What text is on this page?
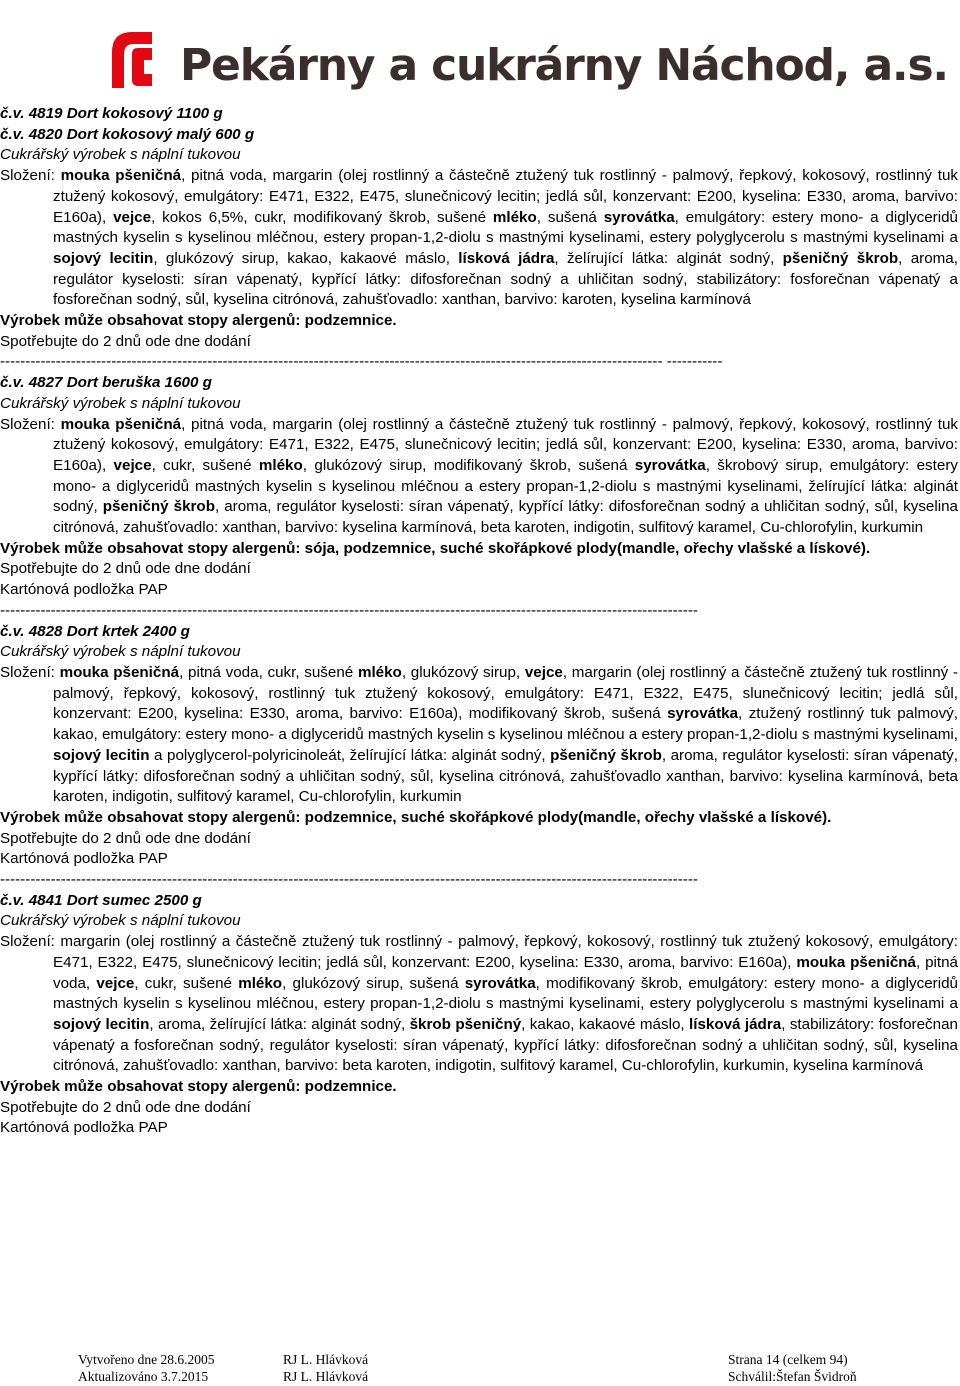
Pekárny a cukrárny Náchod, a.s.
č.v. 4819 Dort kokosový 1100 g
č.v. 4820 Dort kokosový malý 600 g
Cukrářský výrobek s náplní tukovou
Složení: mouka pšeničná, pitná voda, margarin (olej rostlinný a částečně ztužený tuk rostlinný - palmový, řepkový, kokosový, rostlinný tuk ztužený kokosový, emulgátory: E471, E322, E475, slunečnicový lecitin; jedlá sůl, konzervant: E200, kyselina: E330, aroma, barvivo: E160a), vejce, kokos 6,5%, cukr, modifikovaný škrob, sušené mléko, sušená syrovátka, emulgátory: estery mono- a diglyceridů mastných kyselin s kyselinou mléčnou, estery propan-1,2-diolu s mastnými kyselinami, estery polyglycerolu s mastnými kyselinami a sojový lecitin, glukózový sirup, kakao, kakaové máslo, lísková jádra, želírující látka: alginát sodný, pšeničný škrob, aroma, regulátor kyselosti: síran vápenatý, kypřící látky: difosforečnan sodný a uhličitan sodný, stabilizátory: fosforečnan vápenatý a fosforečnan sodný, sůl, kyselina citrónová, zahušťovadlo: xanthan, barvivo: karoten, kyselina karmínová
Výrobek může obsahovat stopy alergenů: podzemnice.
Spotřebujte do 2 dnů ode dne dodání
----------------------------------------------------------------------------------------------------------------------------------- -----------
č.v. 4827 Dort beruška 1600 g
Cukrářský výrobek s náplní tukovou
Složení: mouka pšeničná, pitná voda, margarin (olej rostlinný a částečně ztužený tuk rostlinný - palmový, řepkový, kokosový, rostlinný tuk ztužený kokosový, emulgátory: E471, E322, E475, slunečnicový lecitin; jedlá sůl, konzervant: E200, kyselina: E330, aroma, barvivo: E160a), vejce, cukr, sušené mléko, glukózový sirup, modifikovaný škrob, sušená syrovátka, škrobový sirup, emulgátory: estery mono- a diglyceridů mastných kyselin s kyselinou mléčnou a estery propan-1,2-diolu s mastnými kyselinami, želírující látka: alginát sodný, pšeničný škrob, aroma, regulátor kyselosti: síran vápenatý, kypřící látky: difosforečnan sodný a uhličitan sodný, sůl, kyselina citrónová, zahušťovadlo: xanthan, barvivo: kyselina karmínová, beta karoten, indigotin, sulfitový karamel, Cu-chlorofylin, kurkumin
Výrobek může obsahovat stopy alergenů: sója, podzemnice, suché skořápkové plody(mandle, ořechy vlašské a lískové).
Spotřebujte do 2 dnů ode dne dodání
Kartónová podložka PAP
------------------------------------------------------------------------------------------------------------------------------------------
č.v. 4828 Dort krtek 2400 g
Cukrářský výrobek s náplní tukovou
Složení: mouka pšeničná, pitná voda, cukr, sušené mléko, glukózový sirup, vejce, margarin (olej rostlinný a částečně ztužený tuk rostlinný - palmový, řepkový, kokosový, rostlinný tuk ztužený kokosový, emulgátory: E471, E322, E475, slunečnicový lecitin; jedlá sůl, konzervant: E200, kyselina: E330, aroma, barvivo: E160a), modifikovaný škrob, sušená syrovátka, ztužený rostlinný tuk palmový, kakao, emulgátory: estery mono- a diglyceridů mastných kyselin s kyselinou mléčnou a estery propan-1,2-diolu s mastnými kyselinami, sojový lecitin a polyglycerol-polyricinoleát, želírující látka: alginát sodný, pšeničný škrob, aroma, regulátor kyselosti: síran vápenatý, kypřící látky: difosforečnan sodný a uhličitan sodný, sůl, kyselina citrónová, zahušťovadlo xanthan, barvivo: kyselina karmínová, beta karoten, indigotin, sulfitový karamel, Cu-chlorofylin, kurkumin
Výrobek může obsahovat stopy alergenů: podzemnice, suché skořápkové plody(mandle, ořechy vlašské a lískové).
Spotřebujte do 2 dnů ode dne dodání
Kartónová podložka PAP
------------------------------------------------------------------------------------------------------------------------------------------
č.v. 4841 Dort sumec 2500 g
Cukrářský výrobek s náplní tukovou
Složení: margarin (olej rostlinný a částečně ztužený tuk rostlinný - palmový, řepkový, kokosový, rostlinný tuk ztužený kokosový, emulgátory: E471, E322, E475, slunečnicový lecitin; jedlá sůl, konzervant: E200, kyselina: E330, aroma, barvivo: E160a), mouka pšeničná, pitná voda, vejce, cukr, sušené mléko, glukózový sirup, sušená syrovátka, modifikovaný škrob, emulgátory: estery mono- a diglyceridů mastných kyselin s kyselinou mléčnou, estery propan-1,2-diolu s mastnými kyselinami, estery polyglycerolu s mastnými kyselinami a sojový lecitin, aroma, želírující látka: alginát sodný, škrob pšeničný, kakao, kakaové máslo, lísková jádra, stabilizátory: fosforečnan vápenatý a fosforečnan sodný, regulátor kyselosti: síran vápenatý, kypřící látky: difosforečnan sodný a uhličitan sodný, sůl, kyselina citrónová, zahušťovadlo: xanthan, barvivo: beta karoten, indigotin, sulfitový karamel, Cu-chlorofylin, kurkumin, kyselina karmínová
Výrobek může obsahovat stopy alergenů: podzemnice.
Spotřebujte do 2 dnů ode dne dodání
Kartónová podložka PAP
Vytvořeno dne 28.6.2005	RJ L. Hlávková	Strana 14 (celkem 94)
Aktualizováno 3.7.2015	RJ L. Hlávková	Schválil:Štefan Švidroň
